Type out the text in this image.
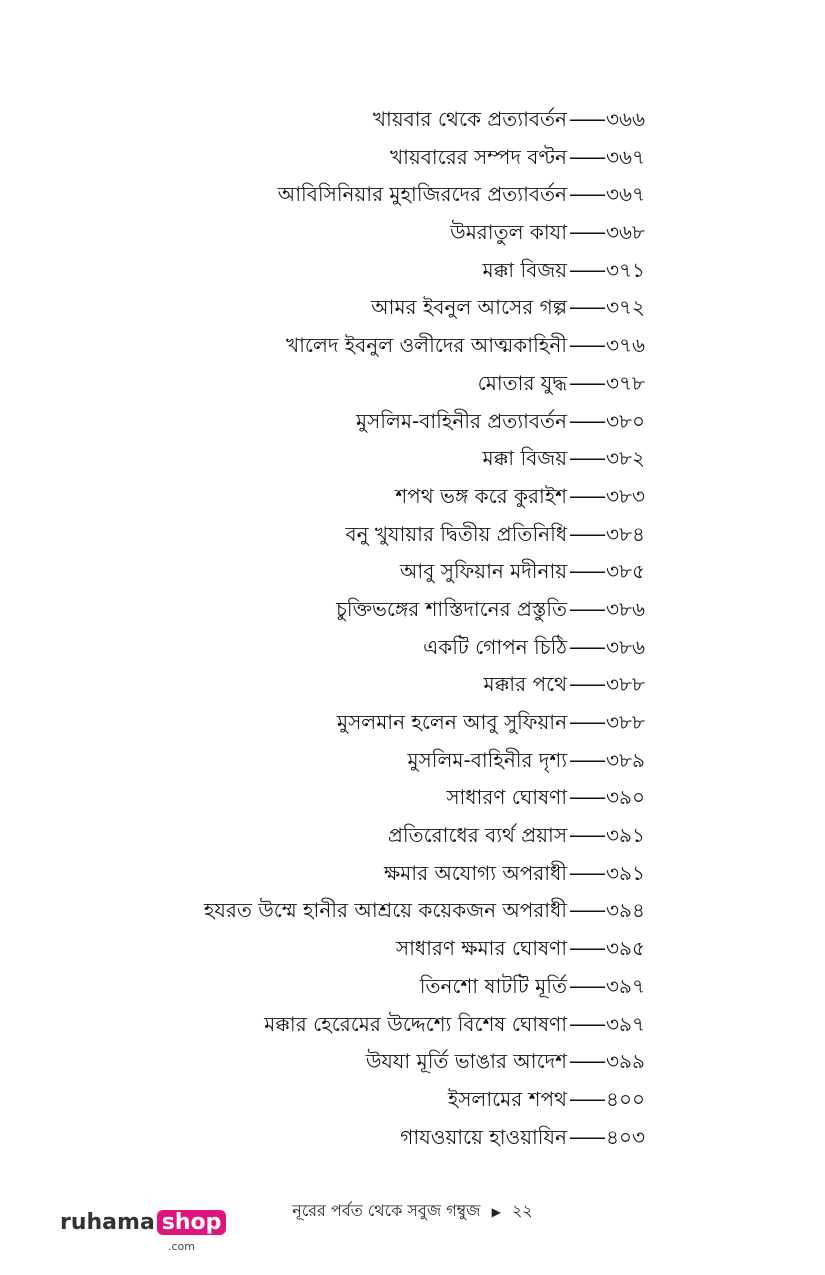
খায়বার থেকে প্রত্যাবর্তন —— ৩৬৬
খায়বারের সম্পদ বণ্টন —— ৩৬৭
আবিসিনিয়ার মুহাজিরদের প্রত্যাবর্তন —— ৩৬৭
উমরাতুল কাযা —— ৩৬৮
মক্কা বিজয় —— ৩৭১
আমর ইবনুল আসের গল্প —— ৩৭২
খালেদ ইবনুল ওলীদের আত্মকাহিনী —— ৩৭৬
মোতার যুদ্ধ —— ৩৭৮
মুসলিম-বাহিনীর প্রত্যাবর্তন —— ৩৮০
মক্কা বিজয় —— ৩৮২
শপথ ভঙ্গ করে কুরাইশ —— ৩৮৩
বনু খুযায়ার দ্বিতীয় প্রতিনিধি —— ৩৮৪
আবু সুফিয়ান মদীনায় —— ৩৮৫
চুক্তিভঙ্গের শাস্তিদানের প্রস্তুতি —— ৩৮৬
একটি গোপন চিঠি —— ৩৮৬
মক্কার পথে —— ৩৮৮
মুসলমান হলেন আবু সুফিয়ান —— ৩৮৮
মুসলিম-বাহিনীর দৃশ্য —— ৩৮৯
সাধারণ ঘোষণা —— ৩৯০
প্রতিরোধের ব্যর্থ প্রয়াস —— ৩৯১
ক্ষমার অযোগ্য অপরাধী —— ৩৯১
হযরত উম্মে হানীর আশ্রয়ে কয়েকজন অপরাধী —— ৩৯৪
সাধারণ ক্ষমার ঘোষণা —— ৩৯৫
তিনশো ষাটটি মূর্তি —— ৩৯৭
মক্কার হেরেমের উদ্দেশ্যে বিশেষ ঘোষণা —— ৩৯৭
উযযা মূর্তি ভাঙার আদেশ —— ৩৯৯
ইসলামের শপথ —— ৪০০
গাযওয়ায়ে হাওয়াযিন —— ৪০৩
নূরের পর্বত থেকে সবুজ গম্বুজ ▶ ২২
ruhama shop
.com
